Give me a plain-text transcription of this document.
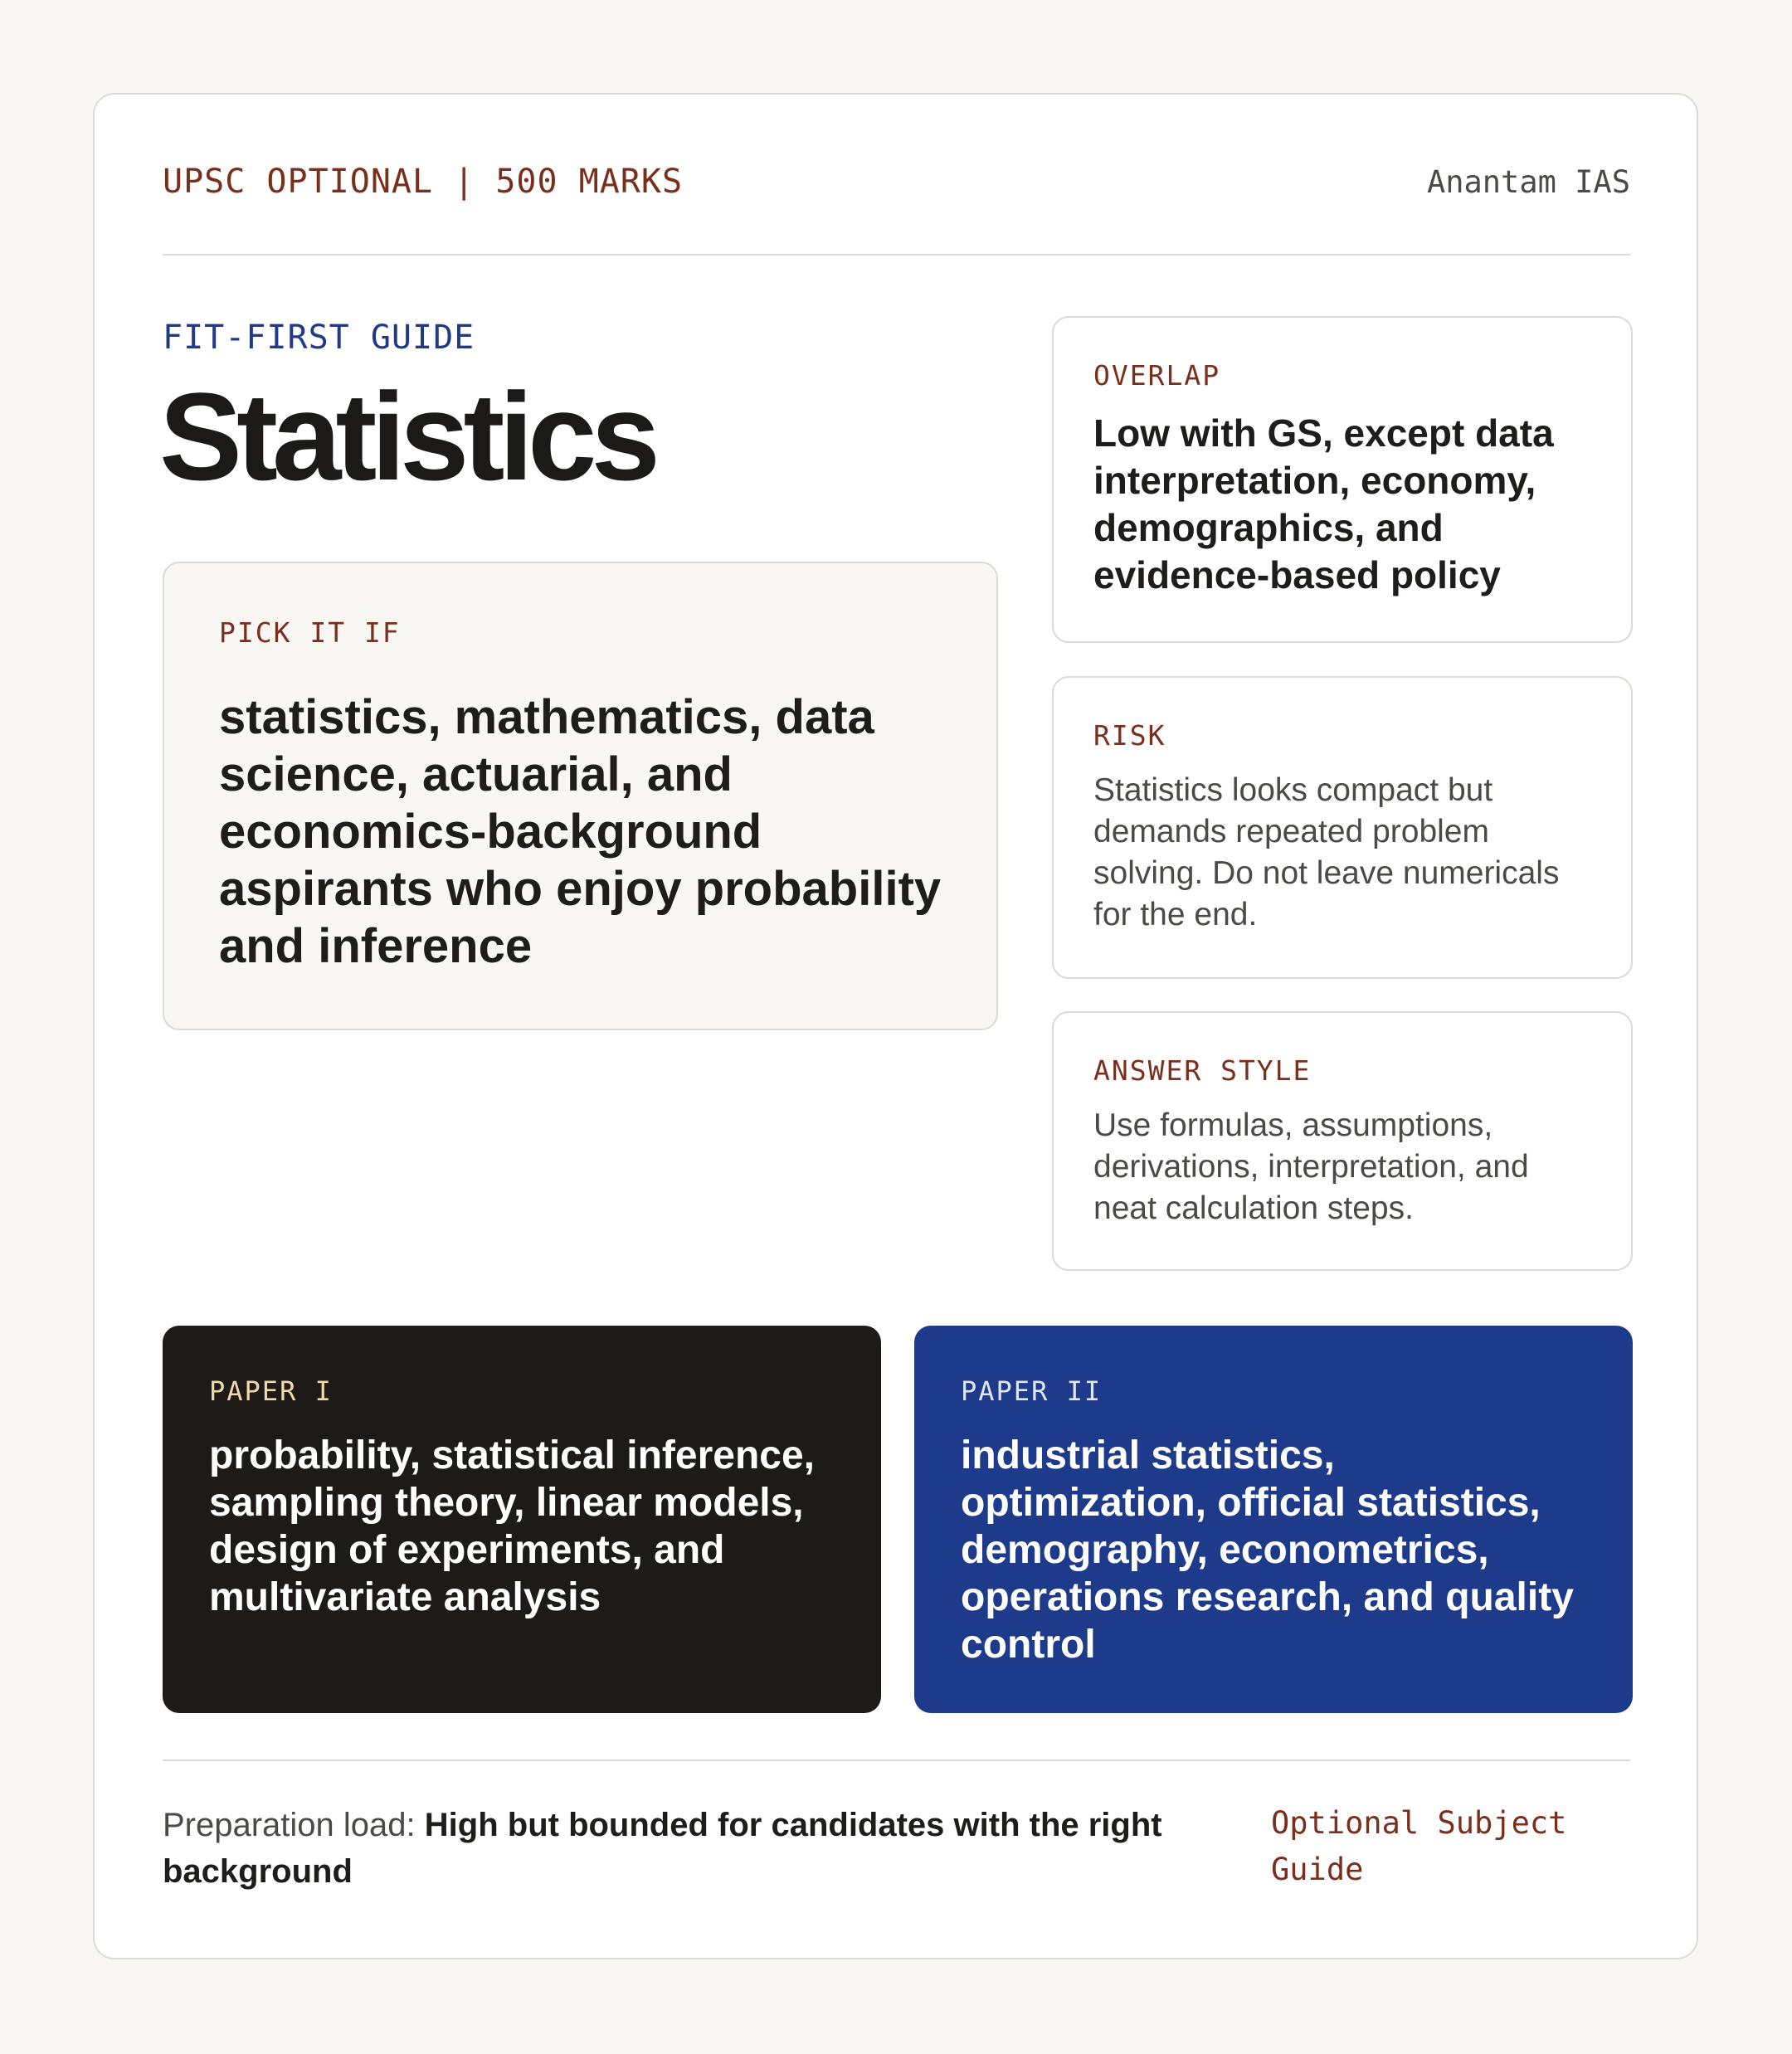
UPSC OPTIONAL | 500 MARKS	Anantam IAS
FIT-FIRST GUIDE
Statistics
PICK IT IF
statistics, mathematics, data science, actuarial, and economics-background aspirants who enjoy probability and inference
OVERLAP
Low with GS, except data interpretation, economy, demographics, and evidence-based policy
RISK
Statistics looks compact but demands repeated problem solving. Do not leave numericals for the end.
ANSWER STYLE
Use formulas, assumptions, derivations, interpretation, and neat calculation steps.
PAPER I
probability, statistical inference, sampling theory, linear models, design of experiments, and multivariate analysis
PAPER II
industrial statistics, optimization, official statistics, demography, econometrics, operations research, and quality control
Preparation load: High but bounded for candidates with the right background
Optional Subject Guide
